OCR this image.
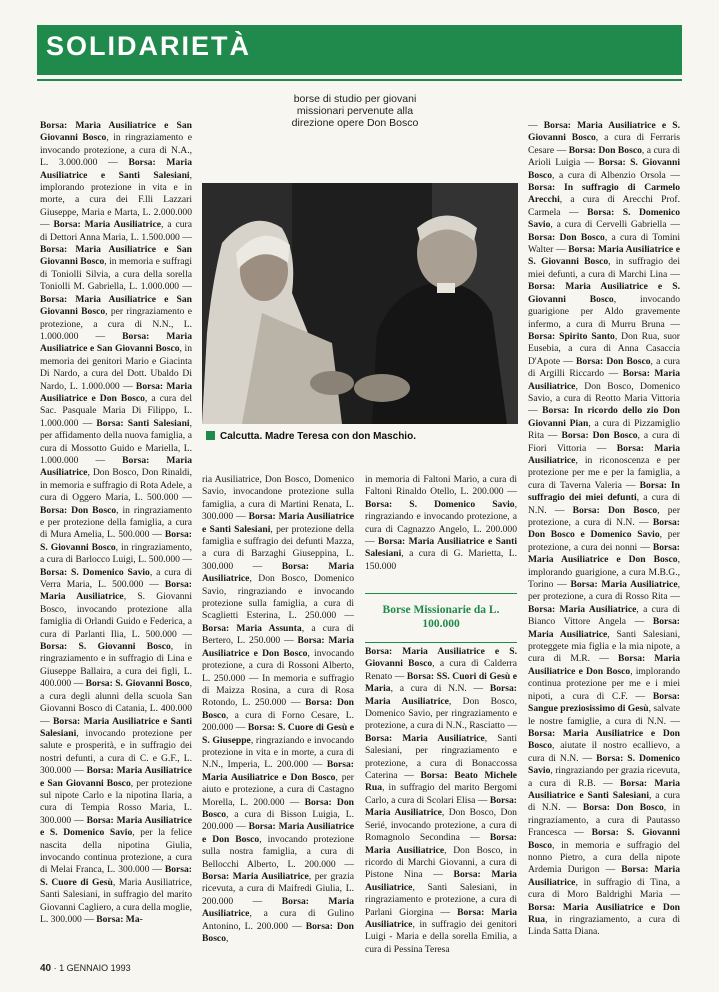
SOLIDARIETÀ
borse di studio per giovani missionari pervenute alla direzione opere Don Bosco
Calcutta. Madre Teresa con don Maschio.
Borsa: Maria Ausiliatrice e San Giovanni Bosco, in ringraziamento e invocando protezione, a cura di N.A., L. 3.000.000 — Borsa: Maria Ausiliatrice e Santi Salesiani, implorando protezione in vita e in morte, a cura dei F.lli Lazzari Giuseppe, Maria e Marta, L. 2.000.000 — Borsa: Maria Ausiliatrice, a cura di Dettori Anna Maria, L. 1.500.000 — Borsa: Maria Ausiliatrice e San Giovanni Bosco, in memoria e suffragi di Toniolli Silvia, a cura della sorella Toniolli M. Gabriella, L. 1.000.000 — Borsa: Maria Ausiliatrice e San Giovanni Bosco, per ringraziamento e protezione, a cura di N.N., L. 1.000.000 — Borsa: Maria Ausiliatrice e San Giovanni Bosco, in memoria dei genitori Mario e Giacinta Di Nardo, a cura del Dott. Ubaldo Di Nardo, L. 1.000.000 — Borsa: Maria Ausiliatrice e Don Bosco, a cura del Sac. Pasquale Maria Di Filippo, L. 1.000.000 — Borsa: Santi Salesiani, per affidamento della nuova famiglia, a cura di Mossotto Guido e Mariella, L. 1.000.000 — Borsa: Maria Ausiliatrice, Don Bosco, Don Rinaldi, in memoria e suffragio di Rota Adele, a cura di Oggero Maria, L. 500.000 — Borsa: Don Bosco, in ringraziamento e per protezione della famiglia, a cura di Mura Amelia, L. 500.000 — Borsa: S. Giovanni Bosco, in ringraziamento, a cura di Barlocco Luigi, L. 500.000 — Borsa: S. Domenico Savio, a cura di Verra Maria, L. 500.000 — Borsa: Maria Ausiliatrice, S. Giovanni Bosco, invocando protezione alla famiglia di Orlandi Guido e Federica, a cura di Parlanti Ilia, L. 500.000 — Borsa: S. Giovanni Bosco, in ringraziamento e in suffragio di Lina e Giuseppe Ballaira, a cura dei figli, L. 400.000 — Borsa: S. Giovanni Bosco, a cura degli alunni della scuola San Giovanni Bosco di Catania, L. 400.000 — Borsa: Maria Ausiliatrice e Santi Salesiani, invocando protezione per salute e prosperità, e in suffragio dei nostri defunti, a cura di C. e G.F., L. 300.000 — Borsa: Maria Ausiliatrice e San Giovanni Bosco, per protezione sul nipote Carlo e la nipotina Ilaria, a cura di Tempia Rosso Maria, L. 300.000 — Borsa: Maria Ausiliatrice e S. Domenico Savio, per la felice nascita della nipotina Giulia, invocando continua protezione, a cura di Melai Franca, L. 300.000 — Borsa: S. Cuore di Gesù, Maria Ausiliatrice, Santi Salesiani, in suffragio del marito Giovanni Cagliero, a cura della moglie, L. 300.000 — Borsa: Ma-
ria Ausiliatrice, Don Bosco, Domenico Savio, invocandone protezione sulla famiglia, a cura di Martini Renata, L. 300.000 — Borsa: Maria Ausiliatrice e Santi Salesiani, per protezione della famiglia e suffragio dei defunti Mazza, a cura di Barzaghi Giuseppina, L. 300.000 — Borsa: Maria Ausiliatrice, Don Bosco, Domenico Savio, ringraziando e invocando protezione sulla famiglia, a cura di Scaglietti Esterina, L. 250.000 — Borsa: Maria Assunta, a cura di Bertero, L. 250.000 — Borsa: Maria Ausiliatrice e Don Bosco, invocando protezione, a cura di Rossoni Alberto, L. 250.000 — In memoria e suffragio di Maizza Rosina, a cura di Rosa Rotondo, L. 250.000 — Borsa: Don Bosco, a cura di Forno Cesare, L. 200.000 — Borsa: S. Cuore di Gesù e S. Giuseppe, ringraziando e invocando protezione in vita e in morte, a cura di N.N., Imperia, L. 200.000 — Borsa: Maria Ausiliatrice e Don Bosco, per aiuto e protezione, a cura di Castagno Morella, L. 200.000 — Borsa: Don Bosco, a cura di Bisson Luigia, L. 200.000 — Borsa: Maria Ausiliatrice e Don Bosco, invocando protezione sulla nostra famiglia, a cura di Bellocchi Alberto, L. 200.000 — Borsa: Maria Ausiliatrice, per grazia ricevuta, a cura di Maifredi Giulia, L. 200.000 — Borsa: Maria Ausiliatrice, a cura di Gulino Antonino, L. 200.000 — Borsa: Don Bosco,
in memoria di Faltoni Mario, a cura di Faltoni Rinaldo Otello, L. 200.000 — Borsa: S. Domenico Savio, ringraziando e invocando protezione, a cura di Cagnazzo Angelo, L. 200.000 — Borsa: Maria Ausiliatrice e Santi Salesiani, a cura di G. Marietta, L. 150.000
Borse Missionarie da L. 100.000
Borsa: Maria Ausiliatrice e S. Giovanni Bosco, a cura di Calderra Renato — Borsa: SS. Cuori di Gesù e Maria, a cura di N.N. — Borsa: Maria Ausiliatrice, Don Bosco, Domenico Savio, per ringraziamento e protezione, a cura di N.N., Rasciatto — Borsa: Maria Ausiliatrice, Santi Salesiani, per ringraziamento e protezione, a cura di Bonaccossa Caterina — Borsa: Beato Michele Rua, in suffragio del marito Bergomi Carlo, a cura di Scolari Elisa — Borsa: Maria Ausiliatrice, Don Bosco, Don Serié, invocando protezione, a cura di Romagnolo Secondina — Borsa: Maria Ausiliatrice, Don Bosco, in ricordo di Marchi Giovanni, a cura di Pistone Nina — Borsa: Maria Ausiliatrice, Santi Salesiani, in ringraziamento e protezione, a cura di Parlani Giorgina — Borsa: Maria Ausiliatrice, in suffragio dei genitori Luigi - Maria e della sorella Emilia, a cura di Pessina Teresa
— Borsa: Maria Ausiliatrice e S. Giovanni Bosco, a cura di Ferraris Cesare — Borsa: Don Bosco, a cura di Arioli Luigia — Borsa: S. Giovanni Bosco, a cura di Albenzio Orsola — Borsa: In suffragio di Carmelo Arecchi, a cura di Arecchi Prof. Carmela — Borsa: S. Domenico Savio, a cura di Cervelli Gabriella — Borsa: Don Bosco, a cura di Tomini Walter — Borsa: Maria Ausiliatrice e S. Giovanni Bosco, in suffragio dei miei defunti, a cura di Marchi Lina — Borsa: Maria Ausiliatrice e S. Giovanni Bosco, invocando guarigione per Aldo gravemente infermo, a cura di Murru Bruna — Borsa: Spirito Santo, Don Rua, suor Eusebia, a cura di Anna Casaccia D'Apote — Borsa: Don Bosco, a cura di Argilli Riccardo — Borsa: Maria Ausiliatrice, Don Bosco, Domenico Savio, a cura di Reotto Maria Vittoria — Borsa: In ricordo dello zio Don Giovanni Pian, a cura di Pizzamiglio Rita — Borsa: Don Bosco, a cura di Fiori Vittoria — Borsa: Maria Ausiliatrice, in riconoscenza e per protezione per me e per la famiglia, a cura di Taverna Valeria — Borsa: In suffragio dei miei defunti, a cura di N.N. — Borsa: Don Bosco, per protezione, a cura di N.N. — Borsa: Don Bosco e Domenico Savio, per protezione, a cura dei nonni — Borsa: Maria Ausiliatrice e Don Bosco, implorando guarigione, a cura M.B.G., Torino — Borsa: Maria Ausiliatrice, per protezione, a cura di Rosso Rita — Borsa: Maria Ausiliatrice, a cura di Bianco Vittore Angela — Borsa: Maria Ausiliatrice, Santi Salesiani, proteggete mia figlia e la mia nipote, a cura di M.R. — Borsa: Maria Ausiliatrice e Don Bosco, implorando continua protezione per me e i miei nipoti, a cura di C.F. — Borsa: Sangue preziosissimo di Gesù, salvate le nostre famiglie, a cura di N.N. — Borsa: Maria Ausiliatrice e Don Bosco, aiutate il nostro ecallievo, a cura di N.N. — Borsa: S. Domenico Savio, ringraziando per grazia ricevuta, a cura di R.B. — Borsa: Maria Ausiliatrice e Santi Salesiani, a cura di N.N. — Borsa: Don Bosco, in ringraziamento, a cura di Pautasso Francesca — Borsa: S. Giovanni Bosco, in memoria e suffragio del nonno Pietro, a cura della nipote Ardemia Durigon — Borsa: Maria Ausiliatrice, in suffragio di Tina, a cura di Moro Baldrighi Maria — Borsa: Maria Ausiliatrice e Don Rua, in ringraziamento, a cura di Linda Satta Diana.
40 · 1 GENNAIO 1993
